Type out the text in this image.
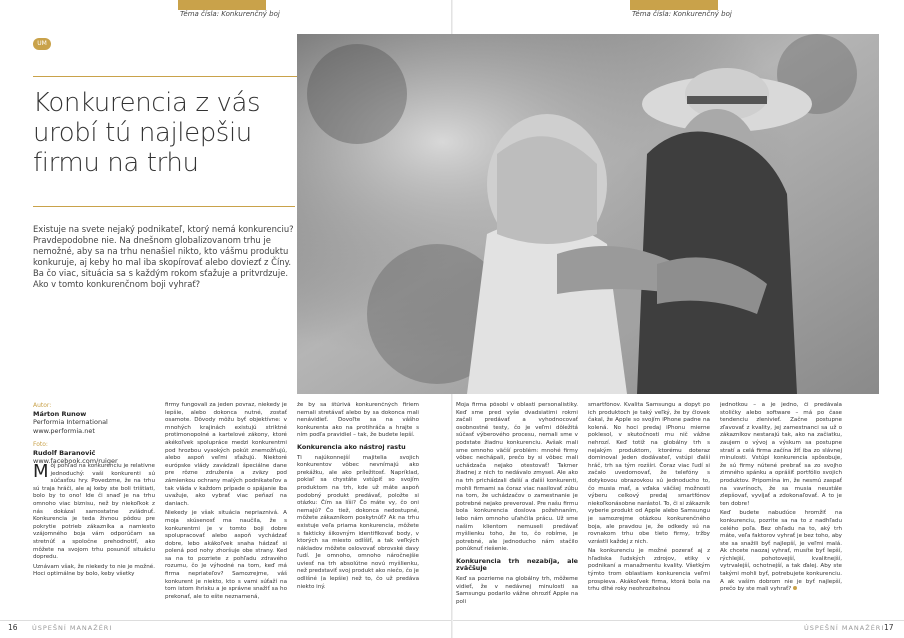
Téma čísla: Konkurenčný boj
UM
Konkurencia z vás
urobí tú najlepšiu
firmu na trhu
Existuje na svete nejaký podnikateľ, ktorý nemá konkurenciu? Pravdepodobne nie. Na dnešnom globalizovanom trhu je nemožné, aby sa na trhu nenašiel nikto, kto vášmu produktu konkuruje, aj keby ho mal iba skopírovať alebo doviezť z Číny. Ba čo viac, situácia sa s každým rokom sťažuje a pritvrdzuje. Ako v tomto konkurenčnom boji vyhrať?
Autor:
Márton Runow
Performia International
www.performia.net
Foto:
Rudolf Baranovič
www.facebook.com/ruiger

Môj pohľad na konkurenciu je relatívne jednoduchý: vaši konkurenti sú súčasťou hry. Povedzme, že na trhu sú traja hráči, ale aj keby ste boli trištiati, bolo by to ono! Ide či snaď je na trhu omnoho viac biznisu, než by niekoľkok z nás dokázal samostatne zvládnuť. Konkurencia je teda živnou pôdou pre pokrytie potrieb zákazníka a namiesto vzájomného boja vám odporúčam sa stretnúť a spoločne prehodnotiť, ako môžete na svojom trhu posunúť situáciu dopredu.

Uznávam však, že niekedy to nie je možné. Hoci optimálne by bolo, keby všetky

firmy fungovali za jeden povraz, niekedy je lepšie, alebo dokonca nutné, zostať osamote. Dôvody môžu byť objektívne: v mnohých krajinách existujú striktné protimonopolné a kartelové zákony, ktoré akékoľvek spolupráce medzi konkurentmi pod hrozbou vysokých pokút znemožňujú, alebo aspoň veľmi sťažujú. Niektoré európske vlády zavádzali špeciálne dane pre rôzne združenia a zväzy pod zámienkou ochrany malých podnikateľov a tak vláda v každom prípade o spájanie iba uvažuje, ako vybrať viac peňazí na daniach.

Niekedy je však situácia nepriaznivá. A moja skúsenosť ma naučila, že s konkurentmi je v tomto boji dobre spolupracovať alebo aspoň vychádzať dobre, lebo akákoľvek snaha hádzať si polená pod nohy zhoršuje obe strany. Keď sa na to pozriete z pohľadu zdravého rozumu, čo je výhodné na tom, keď má firma nepriateľov? Samozrejme, váš konkurent je niekto, kto s vami súťaží na tom istom ihrisku a je správne snažiť sa ho prekonať, ale to ešte neznamená,

že by sa štúrivá konkurenčných firiem nemali stretávať alebo by sa dokonca mali nenávidieť. Dovoľte sa na vášho konkurenta ako na protihráča a hrajte s ním podľa pravidiel – tak, že budete lepší.

Konkurencia ako nástroj rastu

Ti najúkonnejší majitelia svojich konkurentov vôbec nevnímajú ako prekážku, ale ako príležitosť. Napríklad, pokiaľ sa chystáte vstúpiť so svojím produktom na trh, kde už máte aspoň podobný produkt predávať, položte si otázku: Čím sa líši? Čo máte vy, čo oni nemajú? Čo tiež, dokonca nedostupné, môžete zákazníkom poskytnúť? Ak na trhu existuje veľa priama konkurencia, môžete s fakticky šikovným identifikovať body, v ktorých sa miesto odlíšiť, a tak veľkých nákladov môžete oslovovať obrovské davy ľudí. Je omnoho, omnoho náročnejšie uviesť na trh absolútne novú myšlienku, než predstaviť svoj produkt ako niečo, čo je odlišné (a lepšie) než to, čo už predáva niekto iný.

16 ÚSPEŠNÍ MANAŽÉRI
Téma čísla: Konkurenčný boj

Moja firma pôsobí v oblasti personalistiky. Keď sme pred vyše dvadsiatimi rokmi začali predávať a vyhodnocovať osobnostné testy, čo je veľmi dôležitá súčasť výberového procesu, nemali sme v podstate žiadnu konkurenciu. Avšak mali sme omnoho väčší problém: mnohé firmy vôbec nechápali, prečo by si vôbec mali uchádzača nejako otestovať! Takmer žiadnej z nich to nedávalo zmysel. Ale ako na trh prichádzali ďalší a ďalší konkurenti, mohli firmami sa čoraz viac nasilovať zúbu na tom, že uchádzačov o zamestnanie je potrebné nejako preveroval. Pre našu firmu bola konkurencia doslova požehnaním, lebo nám omnoho uľahčila prácu. Už sme našim klientom nemuseli predávať myšlienku toho, že to, čo robíme, je potrebné, ale jednoducho nám stačilo ponúknuť riešenie.

Konkurencia trh nezabíja, ale zväčšuje

Keď sa pozrieme na globálny trh, môžeme vidieť, že v nedávnej minulosti sa Samsungu podarilo vážne ohroziť Apple na poli

smartfónov. Kvalita Samsungu a dopyt po ich produktoch je taký veľký, že by človek čakal, že Apple so svojím iPhone padne na kolená. No hoci predaj iPhonu mierne poklesol, v skutočnosti mu nič vážne nehrozí. Keď totiž na globálny trh s nejakým produktom, ktorému doteraz dominoval jeden dodávateľ, vstúpi ďalší hráč, trh sa tým rozšíri. Čoraz viac ľudí si začalo uvedomovať, že telefóny s dotykovou obrazovkou sú jednoducho to, čo musia mať, a vďaka väčšej možnosti výberu celkový predaj smartfónov niekoľkonásobne narástol. To, či si zákazník vyberie produkt od Apple alebo Samsungu je samozrejme otázkou konkurenčného boja, ale pravdou je, že odkedy sú na rovnakom trhu obe tieto firmy, tržby vzrástli každej z nich.

Na konkurenciu je možné pozerať aj z hľadiska ľudských zdrojov, etiky v podnikaní a manažmentu kvality. Všetkým týmto trom oblastiam konkurencia veľmi prospieva. Akákoľvek firma, ktorá bola na trhu dlhé roky neohrozitelnou

jednotkou – a je jedno, či predávala stoličky alebo software – má po čase tendenciu zlenivieť. Začne postupne zľavovať z kvality, jej zamestnanci sa už o zákazníkov nestarajú tak, ako na začiatku, zaujem o vývoj a výskum sa postupne stratí a celá firma začína žiť iba zo slávnej minulosti. Vstúpi konkurencia spôsobuje, že sú firmy nútené prebrať sa zo svojho zimného spánku a oprášiť portfólio svojich produktov. Pripomína im, že nesmú zaspať na vavrínoch, že sa musia neustále zlepšovať, vyvíjať a zdokonaľovať. A to je ten dobre!

Keď budete nabudúce hromžiť na konkurenciu, pozrite sa na to z nadhľadu celého poľa. Bez ohľadu na to, aký trh máte, veľa faktorov vyhrať je bez toho, aby ste sa snažili byť najlepší, je veľmi malá. Ak chcete naozaj vyhrať, musíte byť lepší, rýchlejší, pohotovejší, kvalitnejší, vytrvalejší, ochotnejší, a tak ďalej. Aby ste takými mohli byť, potrebujete konkurenciu. A ak vašim dobrom nie je byť najlepší, prečo by ste mali vyhrať?

ÚSPEŠNÍ MANAŽÉRI 17
